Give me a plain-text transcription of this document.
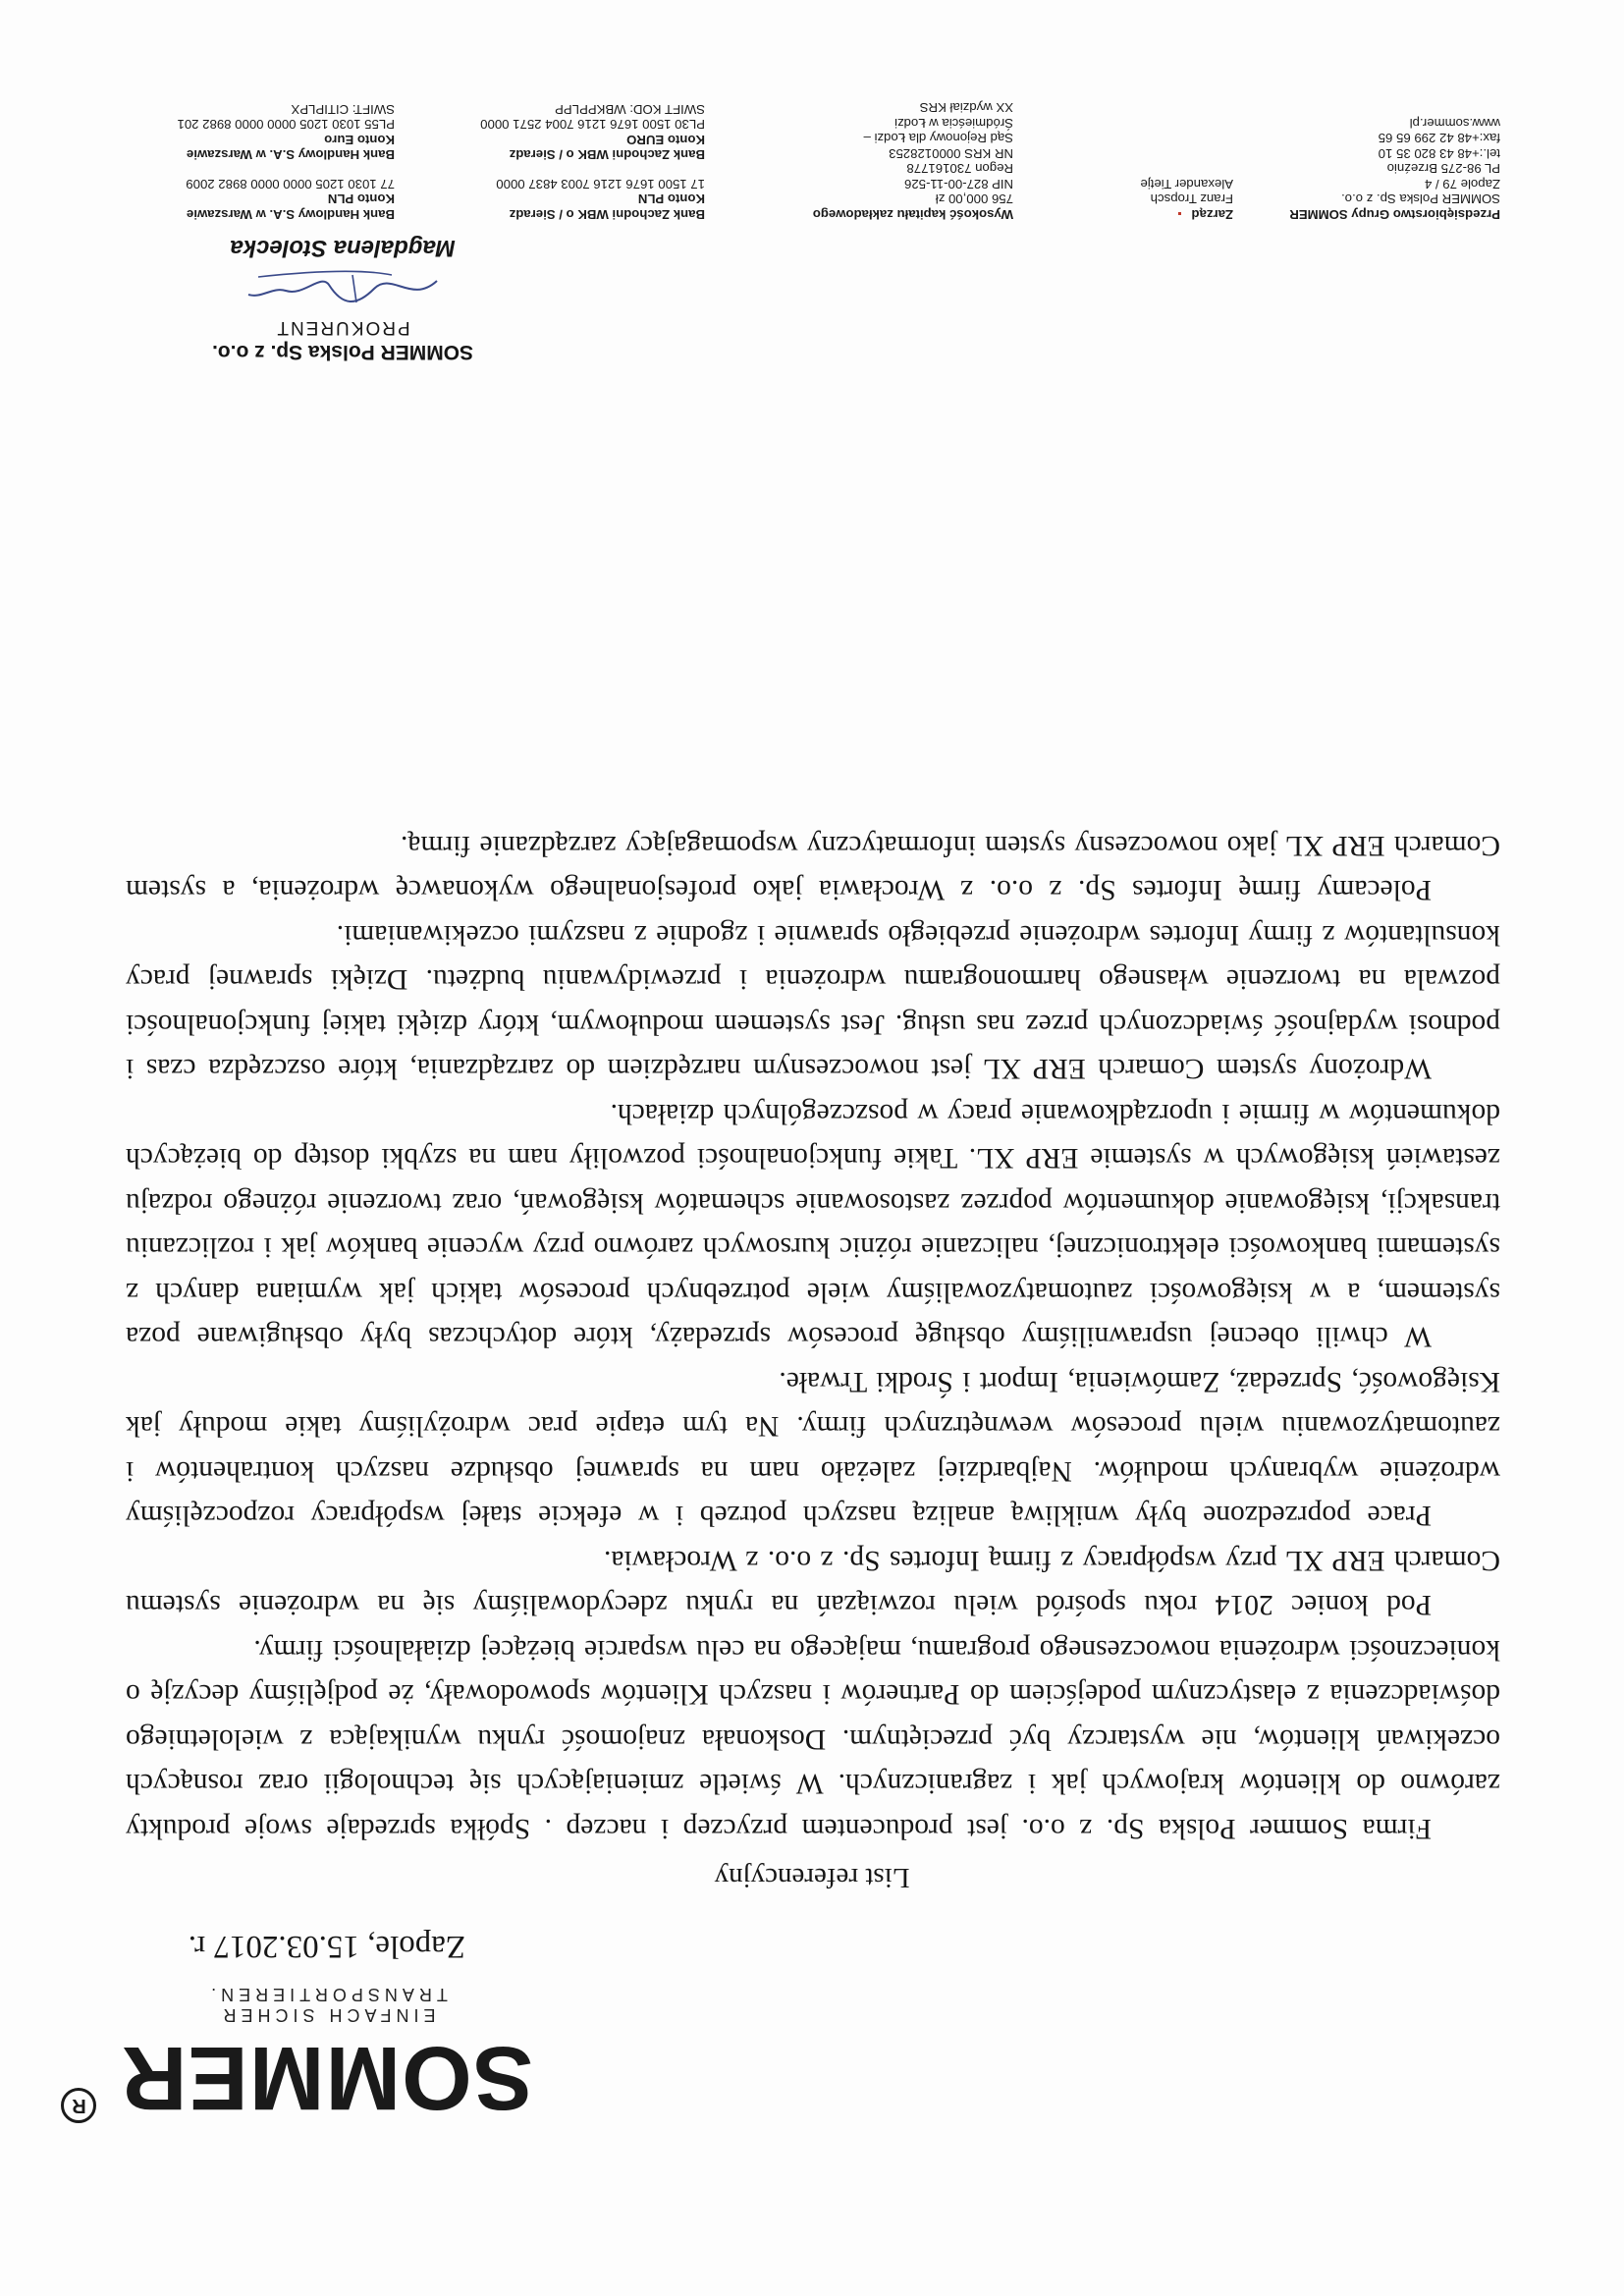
SOMMER
R
EINFACH SICHER TRANSPORTIEREN.
Zapole, 15.03.2017 r.
List referencyjny

Firma Sommer Polska Sp. z o.o. jest producentem przyczep i naczep . Spółka sprzedaje swoje produkty zarówno do klientów krajowych jak i zagranicznych. W świetle zmieniających się technologii oraz rosnących oczekiwań klientów, nie wystarczy być przeciętnym. Doskonała znajomość rynku wynikająca z wieloletniego doświadczenia z elastycznym podejściem do Partnerów i naszych Klientów spowodowały, że podjęliśmy decyzję o konieczności wdrożenia nowoczesnego programu, mającego na celu wsparcie bieżącej działalności firmy.

Pod koniec 2014 roku spośród wielu rozwiązań na rynku zdecydowaliśmy się na wdrożenie systemu Comarch ERP XL przy współpracy z firmą Infortes Sp. z o.o. z Wrocławia.

Prace poprzedzone były wnikliwą analizą naszych potrzeb i w efekcie stałej współpracy rozpoczęliśmy wdrożenie wybranych modułów. Najbardziej zależało nam na sprawnej obsłudze naszych kontrahentów i zautomatyzowaniu wielu procesów wewnętrznych firmy. Na tym etapie prac wdrożyliśmy takie moduły jak Księgowość, Sprzedaż, Zamówienia, Import i Środki Trwałe.

W chwili obecnej usprawniliśmy obsługę procesów sprzedaży, które dotychczas były obsługiwane poza systemem, a w księgowości zautomatyzowaliśmy wiele potrzebnych procesów takich jak wymiana danych z systemami bankowości elektronicznej, naliczanie różnic kursowych zarówno przy wycenie banków jak i rozliczaniu transakcji, księgowanie dokumentów poprzez zastosowanie schematów księgowań, oraz tworzenie różnego rodzaju zestawień księgowych w systemie ERP XL. Takie funkcjonalności pozwoliły nam na szybki dostęp do bieżących dokumentów w firmie i uporządkowanie pracy w poszczególnych działach.

Wdrożony system Comarch ERP XL jest nowoczesnym narzędziem do zarządzania, które oszczędza czas i podnosi wydajność świadczonych przez nas usług. Jest systemem modułowym, który dzięki takiej funkcjonalności pozwala na tworzenie własnego harmonogramu wdrożenia i przewidywaniu budżetu. Dzięki sprawnej pracy konsultantów z firmy Infortes wdrożenie przebiegło sprawnie i zgodnie z naszymi oczekiwaniami.

Polecamy firmę Infortes Sp. z o.o. z Wrocławia jako profesjonalnego wykonawcę wdrożenia, a system Comarch ERP XL jako nowoczesny system informatyczny wspomagający zarządzanie firmą.

SOMMER Polska Sp. z o.o.
PROKURENT
Magdalena Stolecka
Przedsiębiorstwo Grupy SOMMER
SOMMER Polska Sp. z o.o.
Zapole 79 / 4
PL 98-275 Brzeźnio
tel.:+48 43 820 35 10
fax:+48 42 299 65 65
www.sommer.pl
Zarząd
Franz Tropsch
Alexander Tietje
Wysokość kapitału zakładowego
756 000,00 zł
NIP 827-00-11-526
Regon 730161778
NR KRS 0000128253
Sąd Rejonowy dla Łodzi –
Śródmieścia w Łodzi
XX wydział KRS
Bank Zachodni WBK o / Sieradz
Konto PLN
17 1500 1676 1216 7003 4837 0000
Bank Zachodni WBK o / Sieradz
Konto EURO
PL30 1500 1676 1216 7004 2571 0000
SWIFT KOD: WBKPPLPP
Bank Handlowy S.A. w Warszawie
Konto PLN
77 1030 1205 0000 0000 8982 2009
Bank Handlowy S.A. w Warszawie
Konto Euro
PL55 1030 1205 0000 0000 8982 201
SWIFT: CITIPLPX
